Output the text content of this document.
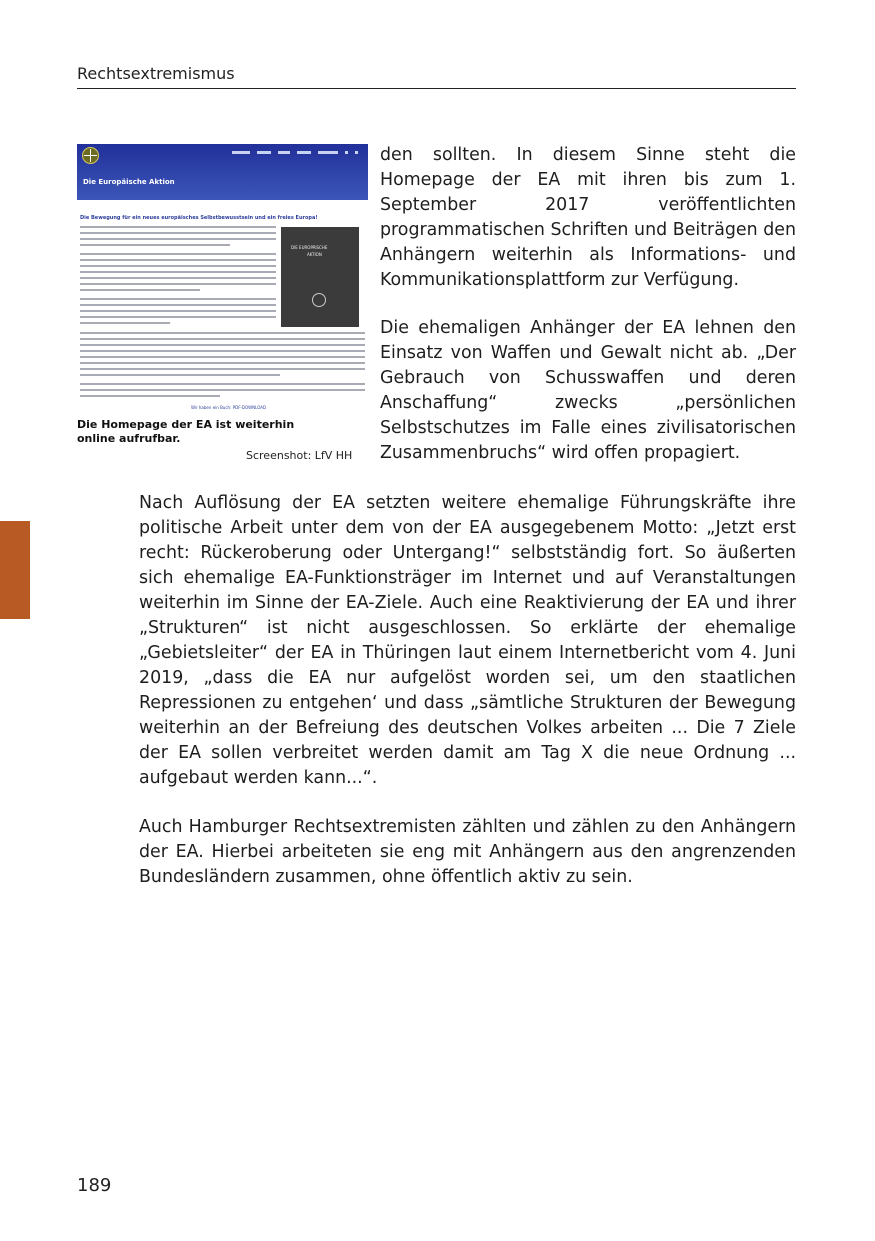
Rechtsextremismus
Die Europäische Aktion
Die Bewegung für ein neues europäisches Selbstbewusstsein und ein freies Europa!
DIE EUROPÄISCHE
AKTION
Wir haben ein Buch: PDF-DOWNLOAD
Die Homepage der EA ist weiterhin online aufrufbar.
Screenshot: LfV HH

den sollten. In diesem Sinne steht die Homepage der EA mit ihren bis zum 1. September 2017 veröffentlichten programmatischen Schriften und Beiträgen den Anhängern weiterhin als Informations- und Kommunikationsplattform zur Verfügung.

Die ehemaligen Anhänger der EA lehnen den Einsatz von Waffen und Gewalt nicht ab. „Der Gebrauch von Schusswaffen und deren Anschaffung“ zwecks „persönlichen Selbstschutzes im Falle eines zivilisatorischen Zusammenbruchs“ wird offen propagiert.

Nach Auflösung der EA setzten weitere ehemalige Führungskräfte ihre politische Arbeit unter dem von der EA ausgegebenem Motto: „Jetzt erst recht: Rückeroberung oder Untergang!“ selbstständig fort. So äußerten sich ehemalige EA-Funktionsträger im Internet und auf Veranstaltungen weiterhin im Sinne der EA-Ziele. Auch eine Reaktivierung der EA und ihrer „Strukturen“ ist nicht ausgeschlossen. So erklärte der ehemalige „Gebietsleiter“ der EA in Thüringen laut einem Internetbericht vom 4. Juni 2019, „dass die EA nur aufgelöst worden sei, um den staatlichen Repressionen zu entgehen‘ und dass „sämtliche Strukturen der Bewegung weiterhin an der Befreiung des deutschen Volkes arbeiten ... Die 7 Ziele der EA sollen verbreitet werden damit am Tag X die neue Ordnung ... aufgebaut werden kann...“.

Auch Hamburger Rechtsextremisten zählten und zählen zu den Anhängern der EA. Hierbei arbeiteten sie eng mit Anhängern aus den angrenzenden Bundesländern zusammen, ohne öffentlich aktiv zu sein.

189
